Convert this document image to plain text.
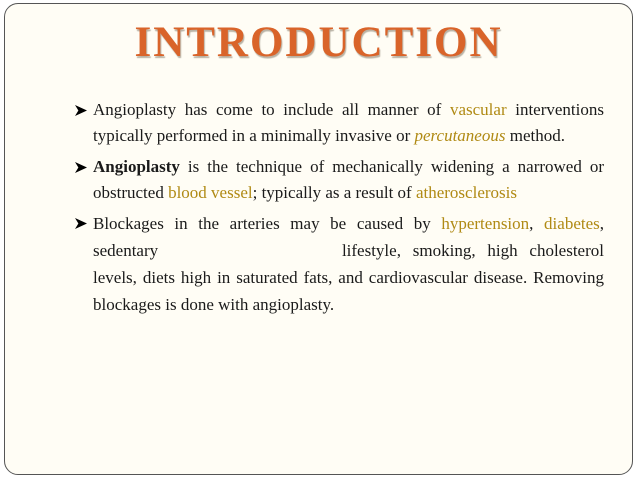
INTRODUCTION
Angioplasty has come to include all manner of vascular interventions typically performed in a minimally invasive or percutaneous method.
Angioplasty is the technique of mechanically widening a narrowed or obstructed blood vessel; typically as a result of atherosclerosis
Blockages in the arteries may be caused by hypertension, diabetes, sedentary	lifestyle, smoking, high cholesterol levels, diets high in saturated fats, and cardiovascular disease. Removing blockages is done with angioplasty.
